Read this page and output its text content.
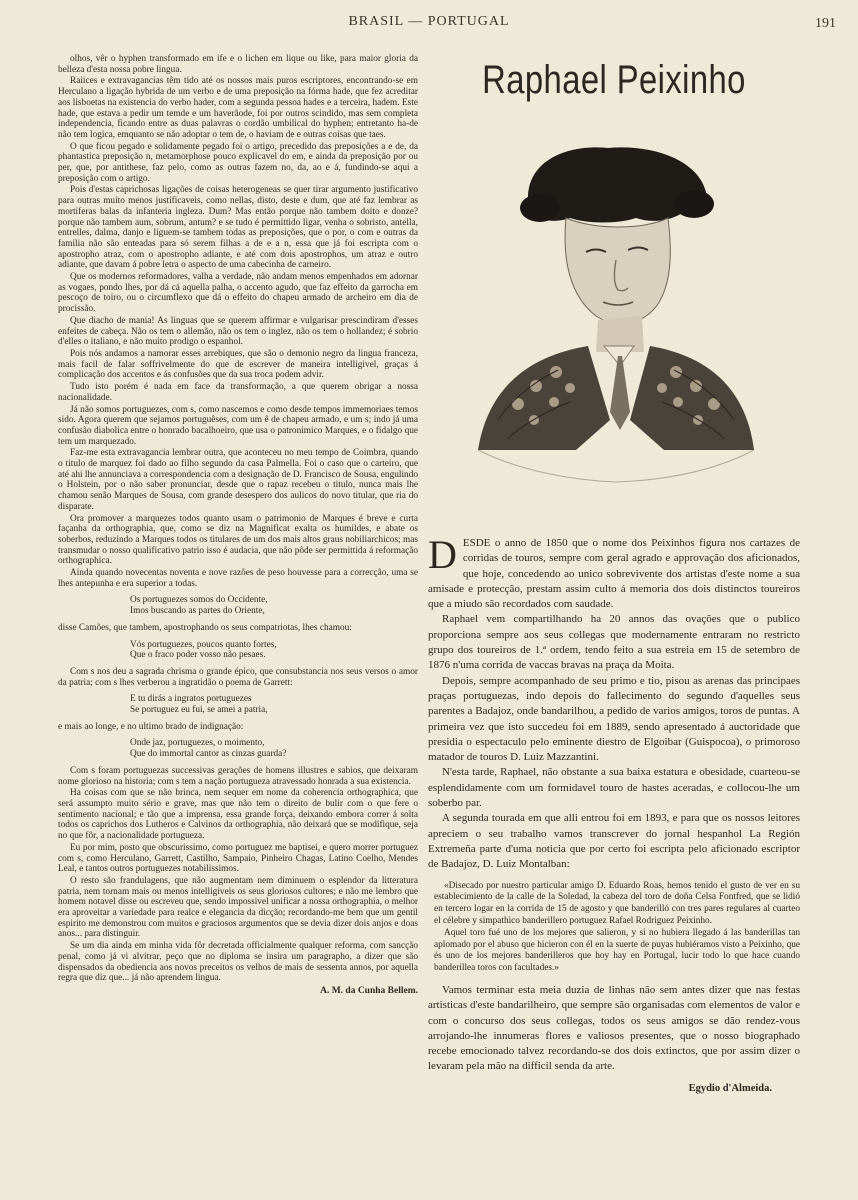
BRASIL — PORTUGAL	191

olhos, vêr o hyphen transformado em ife e o lichen em lique ou like, para maior gloria da belleza d'esta nossa pobre lingua.

Raiices e extravagancias têm tido até os nossos mais puros escriptores, encontrando-se em Herculano a ligação hybrida de um verbo e de uma preposição na fórma hade, que fez acreditar aos lisboetas na existencia do verbo hader, com a segunda pessoa hades e a terceira, hadem. Este hade, que estava a pedir um temde e um haverãode, foi por outros scindido, mas sem completa independencia, ficando entre as duas palavras o cordão umbilical do hyphen; entretanto ha-de não tem logica, emquanto se não adoptar o tem de, o haviam de e outras coisas que taes.

O que ficou pegado e solidamente pegado foi o artigo, precedido das preposições a e de, da phantastica preposição n, metamorphose pouco explicavel do em, e ainda da preposição por ou per, que, por antithese, faz pelo, como as outras fazem no, da, ao e á, fundindo-se aqui a preposição com o artigo.

Pois d'estas caprichosas ligações de coisas heterogeneas se quer tirar argumento justificativo para outras muito menos justificaveis, como nellas, disto, deste e dum, que até faz lembrar as mortiferas balas da infanteria ingleza. Dum? Mas então porque não tambem doito e donze? porque não tambem aum, sobrum, antum? e se tudo é permittido ligar, venha o sobristo, antella, entrelles, dalma, danjo e liguem-se tambem todas as preposições, que o por, o com e outras da familia não são enteadas para só serem filhas a de e a n, essa que já foi escripta com o apostropho atraz, com o apostropho adiante, e até com dois apostrophos, um atraz e outro adiante, que davam á pobre letra o aspecto de uma cabecinha de carneiro.

Que os modernos reformadores, valha a verdade, não andam menos empenhados em adornar as vogaes, pondo lhes, por dá cá aquella palha, o accento agudo, que faz effeito da garrocha em pescoço de toiro, ou o circumflexo que dá o effeito do chapeu armado de archeiro em dia de procissão.

Que diacho de mania! As linguas que se querem affirmar e vulgarisar prescindiram d'esses enfeites de cabeça. Não os tem o allemão, não os tem o inglez, não os tem o hollandez; é sobrio d'elles o italiano, e não muito prodigo o espanhol.

Pois nós andamos a namorar esses arrebiques, que são o demonio negro da lingua franceza, mais facil de falar soffrivelmente do que de escrever de maneira intelligivel, graças á complicação dos accentos e ás confusões que da sua troca podem advir.

Tudo isto porém é nada em face da transformação, a que querem obrigar a nossa nacionalidade.

Já não somos portuguezes, com s, como nascemos e como desde tempos immemoriaes temos sido. Agora querem que sejamos portuguêses, com um ê de chapeu armado, e um s; indo já uma confusão diabolica entre o honrado bacalhoeiro, que usa o patronimico Marques, e o fidalgo que tem um marquezado.

Faz-me esta extravagancia lembrar outra, que aconteceu no meu tempo de Coimbra, quando o titulo de marquez foi dado ao filho segundo da casa Palmella. Foi o caso que o carteiro, que até ahi lhe annunciava a correspondencia com a designação de D. Francisco de Sousa, engulindo o Holstein, por o não saber pronunciar, desde que o rapaz recebeu o titulo, nunca mais lhe chamou senão Marques de Sousa, com grande desespero dos aulicos do novo titular, que ria do disparate.

Ora promover a marquezes todos quanto usam o patrimonio de Marques é breve e curta façanha da orthographia, que, como se diz na Magnificat exalta os humildes, e abate os soberbos, reduzindo a Marques todos os titulares de um dos mais altos graus nobiliarchicos; mas transmudar o nosso qualificativo patrio isso é audacia, que não pôde ser permittida á reformação orthographica.

Ainda quando novecentas noventa e nove razões de peso houvesse para a correcção, uma se lhes antepunha e era superior a todas.

Os portuguezes somos do Occidente,
Imos buscando as partes do Oriente,

disse Camões, que tambem, apostrophando os seus compatriotas, lhes chamou:

Vós portuguezes, poucos quanto fortes,
Que o fraco poder vosso não pesaes.

Com s nos deu a sagrada chrisma o grande épico, que consubstancia nos seus versos o amor da patria; com s lhes verberou a ingratidão o poema de Garrett:

E tu dirás a ingratos portuguezes
Se portuguez eu fui, se amei a patria,

e mais ao longe, e no ultimo brado de indignação:

Onde jaz, portuguezes, o moimento,
Que do immortal cantor as cinzas guarda?

Com s foram portuguezas successivas gerações de homens illustres e sabios, que deixaram nome glorioso na historia; com s tem a nação portugueza atravessado honrada a sua existencia.

Ha coisas com que se não brinca, nem sequer em nome da coherencia orthographica, que será assumpto muito sério e grave, mas que não tem o direito de bulir com o que fere o sentimento nacional; e tão que a imprensa, essa grande força, deixando embora correr á solta todos os caprichos dos Lutheros e Calvinos da orthographia, não deixará que se modifique, seja no que fôr, a nacionalidade portugueza.

Eu por mim, posto que obscurissimo, como portuguez me baptisei, e quero morrer portuguez com s, como Herculano, Garrett, Castilho, Sampaio, Pinheiro Chagas, Latino Coelho, Mendes Leal, e tantos outros portuguezes notabilissimos.

O resto são frandulagens, que não augmentam nem diminuem o esplendor da litteratura patria, nem tornam mais ou menos intelligiveis os seus gloriosos cultores; e não me lembro que homem notavel disse ou escreveu que, sendo impossivel unificar a nossa orthographia, o melhor era aproveitar a variedade para realce e elegancia da dicção; recordando-me bem que um gentil espirito me demonstrou com muitos e graciosos argumentos que se devia dizer dois anjos e doas anos... para distinguir.

Se um dia ainda em minha vida fôr decretada officialmente qualquer reforma, com sancção penal, como já vi alvitrar, peço que no diploma se insira um paragrapho, a dizer que são dispensados da obediencia aos novos preceitos os velhos de mais de sessenta annos, por aquella regra que diz que... já não aprendem lingua.

A. M. da Cunha Bellem.

Raphael Peixinho

DESDE o anno de 1850 que o nome dos Peixinhos figura nos cartazes de corridas de touros, sempre com geral agrado e approvação dos aficionados, que hoje, concedendo ao unico sobrevivente dos artistas d'este nome a sua amisade e protecção, prestam assim culto á memoria dos dois distinctos toureiros que a miudo são recordados com saudade.

Raphael vem compartilhando ha 20 annos das ovações que o publico proporciona sempre aos seus collegas que modernamente entraram no restricto grupo dos toureiros de 1.ª ordem, tendo feito a sua estreia em 15 de setembro de 1876 n'uma corrida de vaccas bravas na praça da Moita.

Depois, sempre acompanhado de seu primo e tio, pisou as arenas das principaes praças portuguezas, indo depois do fallecimento do segundo d'aquelles seus parentes a Badajoz, onde bandarilhou, a pedido de varios amigos, toros de puntas. A primeira vez que isto succedeu foi em 1889, sendo apresentado á auctoridade que presidia o espectaculo pelo eminente diestro de Elgoibar (Guispocoa), o primoroso matador de touros D. Luiz Mazzantini.

N'esta tarde, Raphael, não obstante a sua baixa estatura e obesidade, cuarteou-se esplendidamente com um formidavel touro de hastes aceradas, e collocou-lhe um soberbo par.

A segunda tourada em que alli entrou foi em 1893, e para que os nossos leitores apreciem o seu trabalho vamos transcrever do jornal hespanhol La Región Extremeña parte d'uma noticia que por certo foi escripta pelo aficionado escriptor de Badajoz, D. Luiz Montalban:

«Disecado por nuestro particular amigo D. Eduardo Roas, hemos tenido el gusto de ver en su establecimiento de la calle de la Soledad, la cabeza del toro de doña Celsa Fontfred, que se lidió en tercero logar en la corrida de 15 de agosto y que banderilló con tres pares regulares al cuarteo el célebre y simpathico banderillero portuguez Rafael Rodriguez Peixinho.

Aquel toro fué uno de los mejores que salieron, y si no hubiera llegado á las banderillas tan aplomado por el abuso que hicieron con él en la suerte de puyas hubiéramos visto a Peixinho, que és uno de los mejores banderilleros que hoy hay en Portugal, lucir todo lo que hace cuando banderillea toros con facultades.»

Vamos terminar esta meia duzia de linhas não sem antes dizer que nas festas artisticas d'este bandarilheiro, que sempre são organisadas com elementos de valor e com o concurso dos seus collegas, todos os seus amigos se dão rendez-vous arrojando-lhe innumeras flores e valiosos presentes, que o nosso biographado recebe emocionado talvez recordando-se dos dois extinctos, que por assim dizer o levaram pela mão na difficil senda da arte.

Egydio d'Almeida.
